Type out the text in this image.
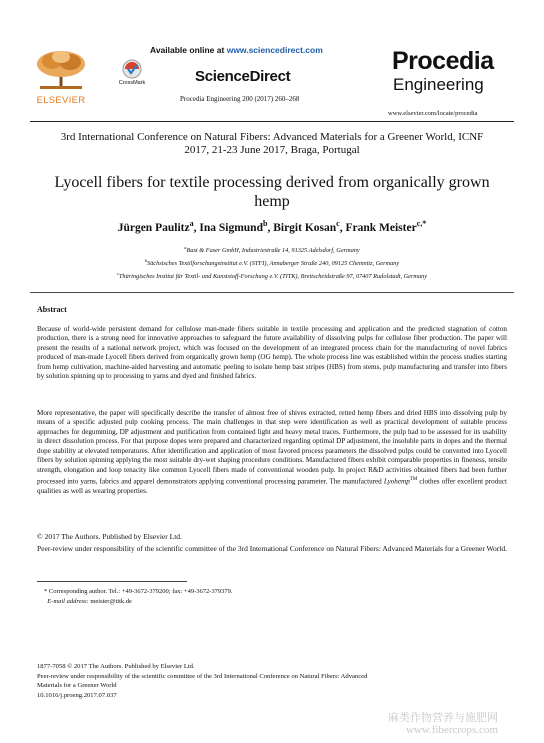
ELSEVIER
Available online at www.sciencedirect.com
CrossMark	ScienceDirect
Procedia Engineering 200 (2017) 260–268
Procedia
Engineering
www.elsevier.com/locate/procedia
3rd International Conference on Natural Fibers: Advanced Materials for a Greener World, ICNF
2017, 21-23 June 2017, Braga, Portugal
Lyocell fibers for textile processing derived from organically grown
hemp
Jürgen Paulitz$^a$, Ina Sigmund$^b$, Birgit Kosan$^c$, Frank Meister$^{c,*}$
$^a$Bast & Faser GmbH, Industriestraße 14, 91325 Adelsdorf, Germany
$^b$Sächsisches Textilforschungsinstitut e.V. (STFI), Annaberger Straße 240, 09125 Chemnitz, Germany
$^c$Thüringisches Institut für Textil- und Kunststoff-Forschung e.V. (TITK), Breitscheidstraße 97, 07407 Rudolstadt, Germany
Abstract
Because of world-wide persistent demand for cellulose man-made fibers suitable in textile processing and application and the predicted stagnation of cotton production, there is a strong need for innovative approaches to safeguard the future availability of dissolving pulps for cellulose fiber production. The paper will present the results of a national network project, which was focused on the development of an integrated process chain for the manufacturing of novel fabrics produced of man-made Lyocell fibers derived from organically grown hemp (OG hemp). The whole process line was established within the process studies starting from hemp cultivation, machine-aided harvesting and automatic peeling to isolate hemp bast stripes (HBS) from stems, pulp manufacturing and transfer into fibers by solution spinning up to processing to yarns and dyed and finished fabrics.
More representative, the paper will specifically describe the transfer of almost free of shives extracted, retted hemp fibers and dried HBS into dissolving pulp by means of a specific adjusted pulp cooking process. The main challenges in that step were identification as well as practical development of suitable process approaches for degumming, DP adjustment and purification from contained light and heavy metal traces. Furthermore, the pulp had to be assessed for its usability in direct dissolution process. For that purpose dopes were prepared and characterized regarding optimal DP adjustment, the insoluble parts in dopes and the thermal dope stability at elevated temperatures. After identification and application of most favored process parameters the dissolved pulps could be converted into Lyocell fibers by solution spinning applying the most suitable dry-wet shaping procedure conditions. Manufactured fibers exhibit comparable properties in fineness, tensile strength, elongation and loop tenacity like common Lyocell fibers made of conventional wooden pulp. In project R&D activities obtained fibers had been further processed into yarns, fabrics and apparel demonstrators applying conventional processing parameter. The manufactured Lyohemp™ clothes offer excellent product qualities as well as wearing properties.
© 2017 The Authors. Published by Elsevier Ltd.
Peer-review under responsibility of the scientific committee of the 3rd International Conference on Natural Fibers: Advanced Materials for a Greener World.
* Corresponding author. Tel.: +49-3672-379200; fax: +49-3672-379379.
E-mail address: meister@titk.de
1877-7058 © 2017 The Authors. Published by Elsevier Ltd.
Peer-review under responsibility of the scientific committee of the 3rd International Conference on Natural Fibers: Advanced
Materials for a Greener World
10.1016/j.proeng.2017.07.037
麻类作物营养与施肥网
www.fibercrops.com
